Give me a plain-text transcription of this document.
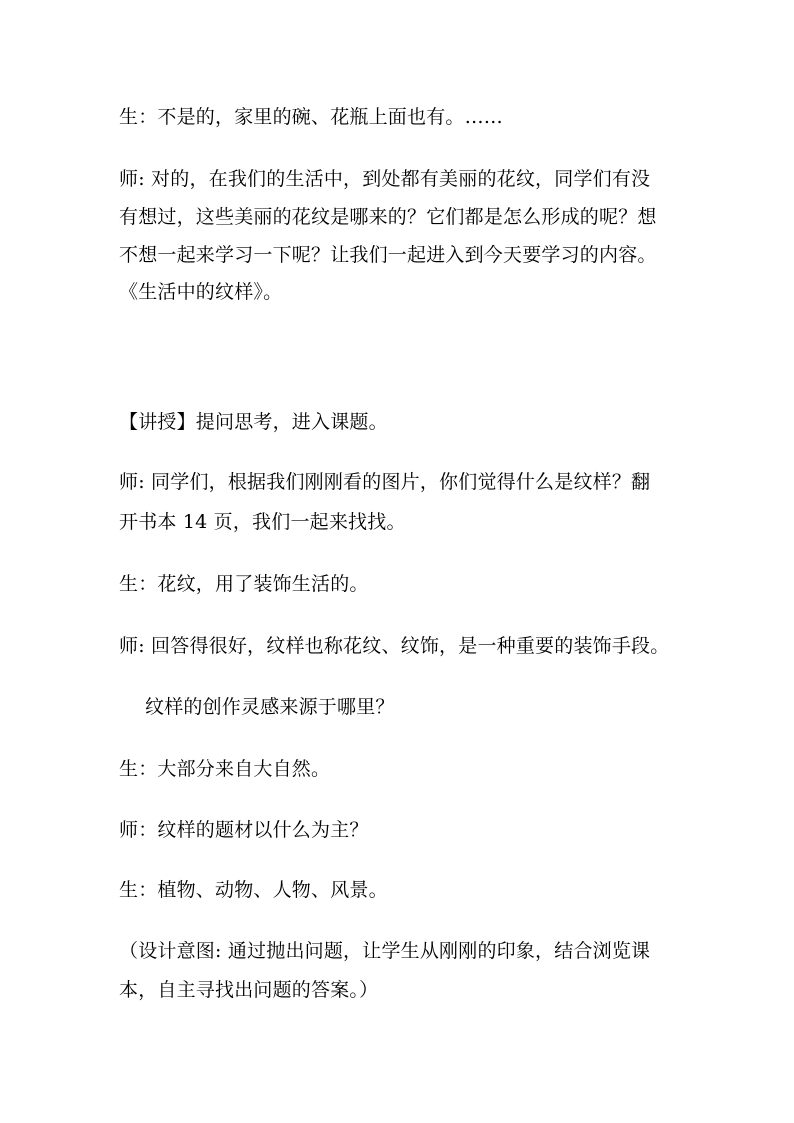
生：不是的，家里的碗、花瓶上面也有。……
师: 对的，在我们的生活中，到处都有美丽的花纹，同学们有没
有想过，这些美丽的花纹是哪来的？它们都是怎么形成的呢？想
不想一起来学习一下呢？让我们一起进入到今天要学习的内容。
《生活中的纹样》。
【讲授】提问思考，进入课题。
师: 同学们，根据我们刚刚看的图片，你们觉得什么是纹样？翻
开书本 14 页，我们一起来找找。
生：花纹，用了装饰生活的。
师: 回答得很好，纹样也称花纹、纹饰，是一种重要的装饰手段。
纹样的创作灵感来源于哪里？
生：大部分来自大自然。
师：纹样的题材以什么为主？
生：植物、动物、人物、风景。
（设计意图: 通过抛出问题，让学生从刚刚的印象，结合浏览课
本，自主寻找出问题的答案。）
